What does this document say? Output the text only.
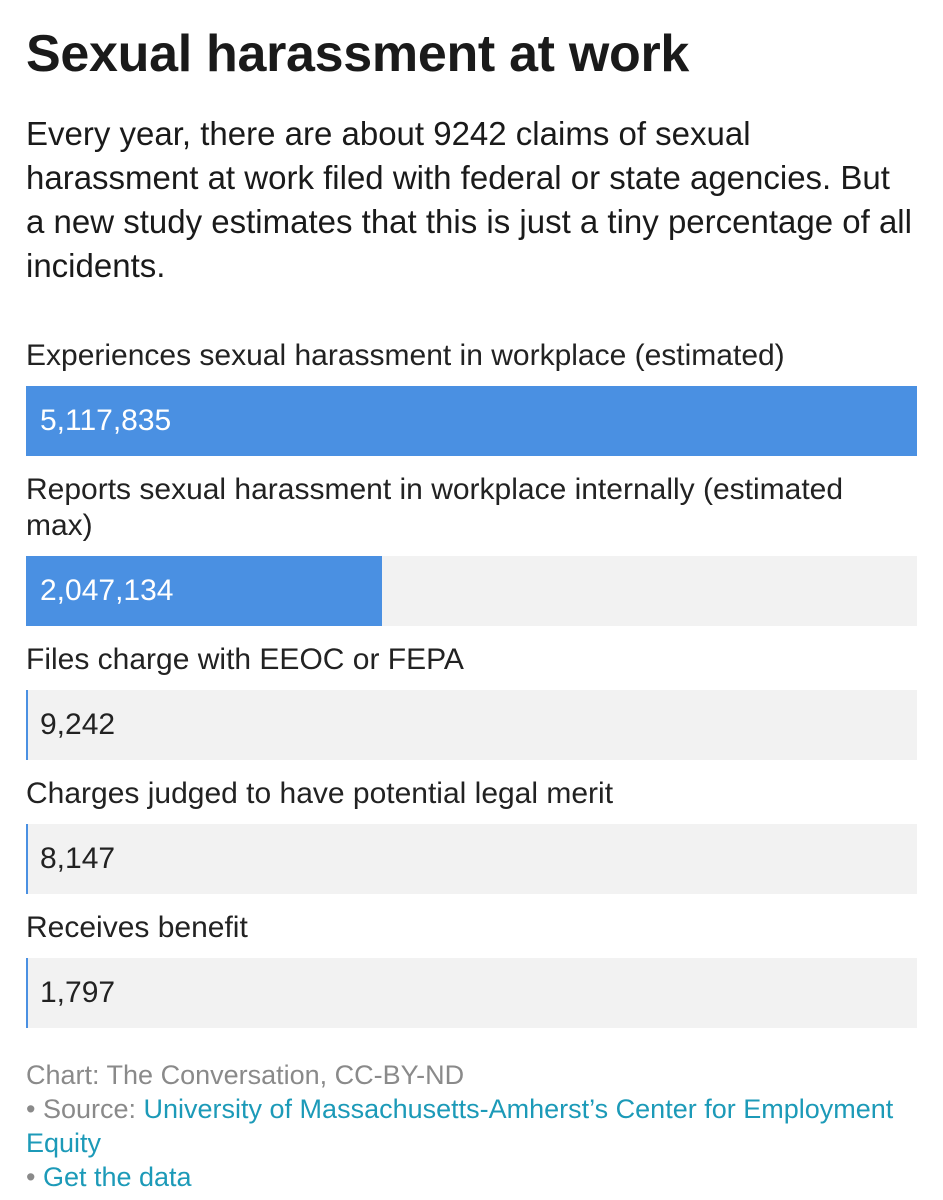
Sexual harassment at work

Every year, there are about 9242 claims of sexual harassment at work filed with federal or state agencies. But a new study estimates that this is just a tiny percentage of all incidents.

Experiences sexual harassment in workplace (estimated)
5,117,835
Reports sexual harassment in workplace internally (estimated max)
2,047,134
Files charge with EEOC or FEPA
9,242
Charges judged to have potential legal merit
8,147
Receives benefit
1,797
Chart: The Conversation, CC-BY-ND
• Source: University of Massachusetts-Amherst’s Center for Employment Equity
• Get the data
